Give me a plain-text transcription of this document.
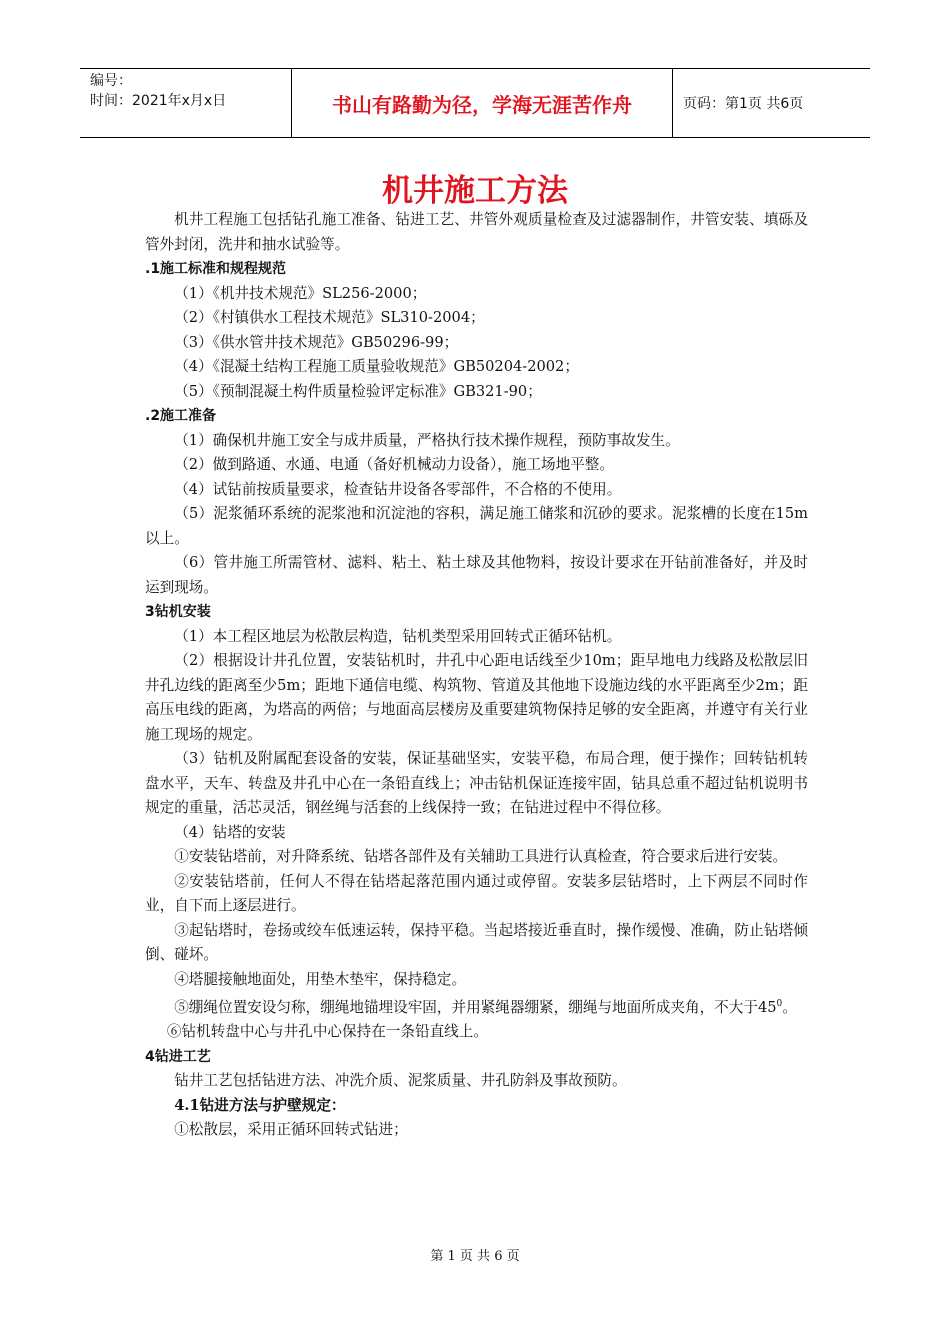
编号：
时间：2021年x月x日	书山有路勤为径，学海无涯苦作舟	页码：第1页 共6页
机井施工方法

机井工程施工包括钻孔施工准备、钻进工艺、井管外观质量检查及过滤器制作，井管安装、填砾及管外封闭，洗井和抽水试验等。

.1施工标准和规程规范

（1）《机井技术规范》SL256-2000；

（2）《村镇供水工程技术规范》SL310-2004；

（3）《供水管井技术规范》GB50296-99；

（4）《混凝土结构工程施工质量验收规范》GB50204-2002；

（5）《预制混凝土构件质量检验评定标准》GB321-90；

.2施工准备

（1）确保机井施工安全与成井质量，严格执行技术操作规程，预防事故发生。

（2）做到路通、水通、电通（备好机械动力设备），施工场地平整。

（4）试钻前按质量要求，检查钻井设备各零部件，不合格的不使用。

（5）泥浆循环系统的泥浆池和沉淀池的容积，满足施工储浆和沉砂的要求。泥浆槽的长度在15m以上。

（6）管井施工所需管材、滤料、粘土、粘土球及其他物料，按设计要求在开钻前准备好，并及时运到现场。

3钻机安装

（1）本工程区地层为松散层构造，钻机类型采用回转式正循环钻机。

（2）根据设计井孔位置，安装钻机时，井孔中心距电话线至少10m；距早地电力线路及松散层旧井孔边线的距离至少5m；距地下通信电缆、构筑物、管道及其他地下设施边线的水平距离至少2m；距高压电线的距离，为塔高的两倍；与地面高层楼房及重要建筑物保持足够的安全距离，并遵守有关行业施工现场的规定。

（3）钻机及附属配套设备的安装，保证基础坚实，安装平稳，布局合理，便于操作；回转钻机转盘水平，天车、转盘及井孔中心在一条铅直线上；冲击钻机保证连接牢固，钻具总重不超过钻机说明书规定的重量，活芯灵活，钢丝绳与活套的上线保持一致；在钻进过程中不得位移。

（4）钻塔的安装

①安装钻塔前，对升降系统、钻塔各部件及有关辅助工具进行认真检查，符合要求后进行安装。

②安装钻塔前，任何人不得在钻塔起落范围内通过或停留。安装多层钻塔时，上下两层不同时作业，自下而上逐层进行。

③起钻塔时，卷扬或绞车低速运转，保持平稳。当起塔接近垂直时，操作缓慢、准确，防止钻塔倾倒、碰坏。

④塔腿接触地面处，用垫木垫牢，保持稳定。

⑤绷绳位置安设匀称，绷绳地锚埋设牢固，并用紧绳器绷紧，绷绳与地面所成夹角，不大于$45^0$。

⑥钻机转盘中心与井孔中心保持在一条铅直线上。

4钻进工艺

钻井工艺包括钻进方法、冲洗介质、泥浆质量、井孔防斜及事故预防。

4.1钻进方法与护壁规定：

①松散层，采用正循环回转式钻进；

第 1 页 共 6 页
